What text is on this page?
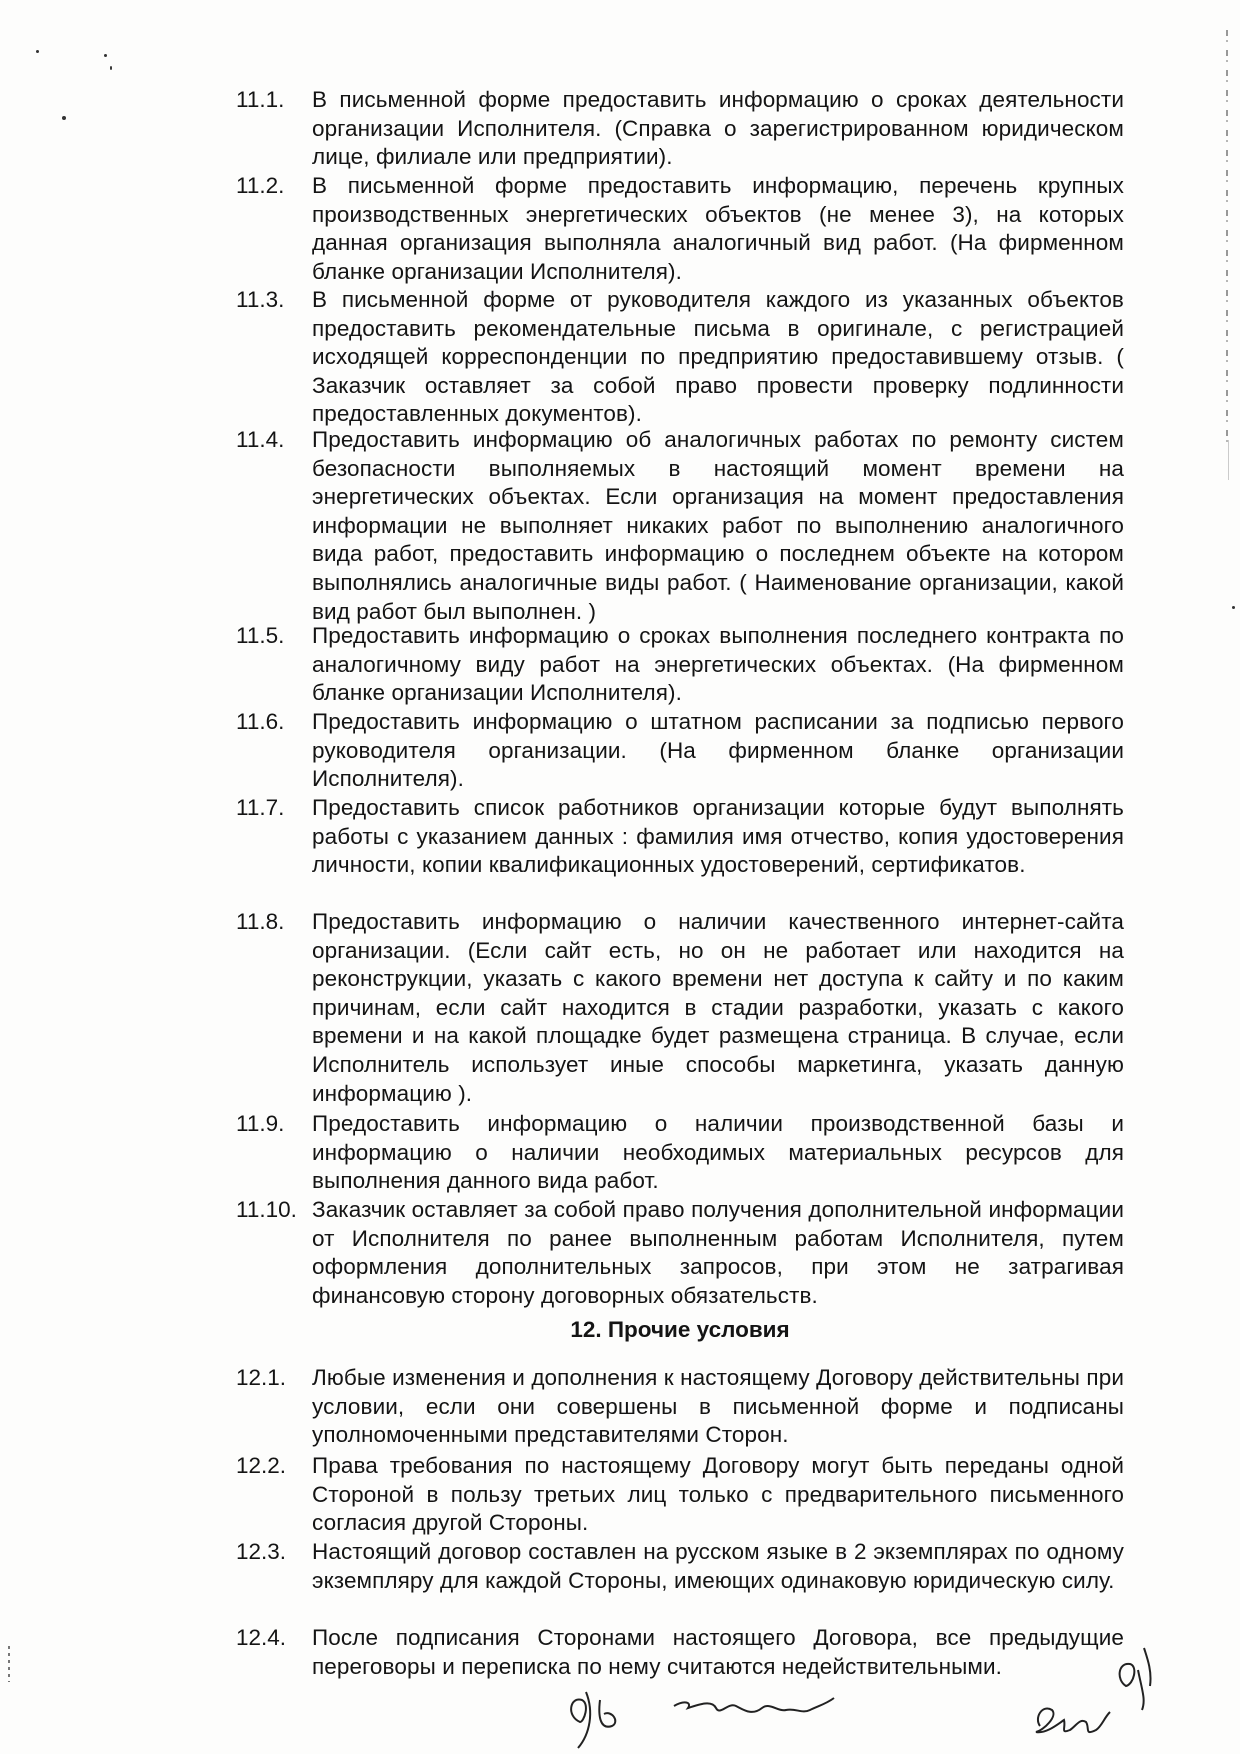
11.1.	В письменной форме предоставить информацию о сроках деятельности организации Исполнителя. (Справка о зарегистрированном юридическом лице, филиале или предприятии).
11.2.	В письменной форме предоставить информацию, перечень крупных производственных энергетических объектов (не менее 3), на которых данная организация выполняла аналогичный вид работ. (На фирменном бланке организации Исполнителя).
11.3.	В письменной форме от руководителя каждого из указанных объектов предоставить рекомендательные письма в оригинале, с регистрацией исходящей корреспонденции по предприятию предоставившему отзыв. ( Заказчик оставляет за собой право провести проверку подлинности предоставленных документов).
11.4.	Предоставить информацию об аналогичных работах по ремонту систем безопасности выполняемых в настоящий момент времени на энергетических объектах. Если организация на момент предоставления информации не выполняет никаких работ по выполнению аналогичного вида работ, предоставить информацию о последнем объекте на котором выполнялись аналогичные виды работ. ( Наименование организации, какой вид работ был выполнен. )
11.5.	Предоставить информацию о сроках выполнения последнего контракта по аналогичному виду работ на энергетических объектах. (На фирменном бланке организации Исполнителя).
11.6.	Предоставить информацию о штатном расписании за подписью первого руководителя организации. (На фирменном бланке организации Исполнителя).
11.7.	Предоставить список работников организации которые будут выполнять работы с указанием данных : фамилия имя отчество, копия удостоверения личности, копии квалификационных удостоверений, сертификатов.
11.8.	Предоставить информацию о наличии качественного интернет-сайта организации. (Если сайт есть, но он не работает или находится на реконструкции, указать с какого времени нет доступа к сайту и по каким причинам, если сайт находится в стадии разработки, указать с какого времени и на какой площадке будет размещена страница. В случае, если Исполнитель использует иные способы маркетинга, указать данную информацию ).
11.9.	Предоставить информацию о наличии производственной базы и информацию о наличии необходимых материальных ресурсов для выполнения данного вида работ.
11.10. Заказчик оставляет за собой право получения дополнительной информации от Исполнителя по ранее выполненным работам Исполнителя, путем оформления дополнительных запросов, при этом не затрагивая финансовую сторону договорных обязательств.
12. Прочие условия
12.1.	Любые изменения и дополнения к настоящему Договору действительны при условии, если они совершены в письменной форме и подписаны уполномоченными представителями Сторон.
12.2.	Права требования по настоящему Договору могут быть переданы одной Стороной в пользу третьих лиц только с предварительного письменного согласия другой Стороны.
12.3.	Настоящий договор составлен на русском языке в 2 экземплярах по одному экземпляру для каждой Стороны, имеющих одинаковую юридическую силу.
12.4.	После подписания Сторонами настоящего Договора, все предыдущие переговоры и переписка по нему считаются недействительными.
